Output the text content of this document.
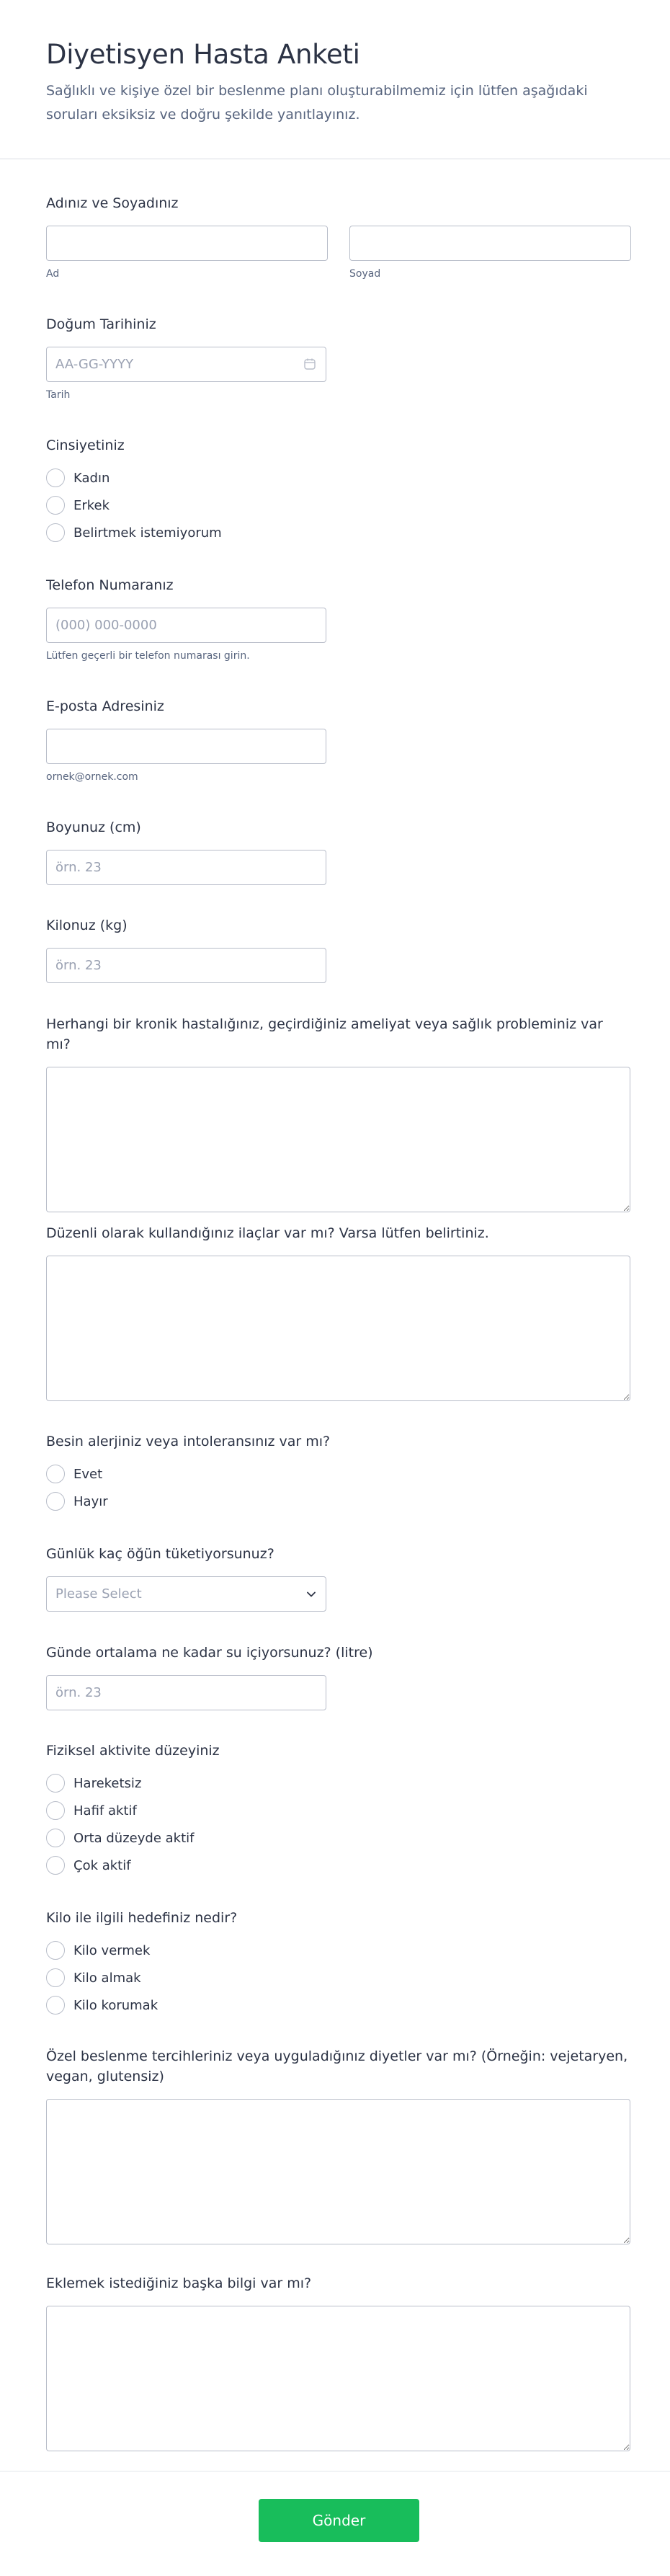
Diyetisyen Hasta Anketi

Sağlıklı ve kişiye özel bir beslenme planı oluşturabilmemiz için lütfen aşağıdaki soruları eksiksiz ve doğru şekilde yanıtlayınız.

Adınız ve Soyadınız
Ad	Soyad
Doğum Tarihiniz
AA-GG-YYYY
Tarih
Cinsiyetiniz
Kadın
Erkek
Belirtmek istemiyorum
Telefon Numaranız
(000) 000-0000
Lütfen geçerli bir telefon numarası girin.
E-posta Adresiniz
ornek@ornek.com
Boyunuz (cm)
örn. 23
Kilonuz (kg)
örn. 23
Herhangi bir kronik hastalığınız, geçirdiğiniz ameliyat veya sağlık probleminiz var mı?
Düzenli olarak kullandığınız ilaçlar var mı? Varsa lütfen belirtiniz.
Besin alerjiniz veya intoleransınız var mı?
Evet
Hayır
Günlük kaç öğün tüketiyorsunuz?
Please Select
Günde ortalama ne kadar su içiyorsunuz? (litre)
örn. 23
Fiziksel aktivite düzeyiniz
Hareketsiz
Hafif aktif
Orta düzeyde aktif
Çok aktif
Kilo ile ilgili hedefiniz nedir?
Kilo vermek
Kilo almak
Kilo korumak
Özel beslenme tercihleriniz veya uyguladığınız diyetler var mı? (Örneğin: vejetaryen, vegan, glutensiz)
Eklemek istediğiniz başka bilgi var mı?
Gönder
